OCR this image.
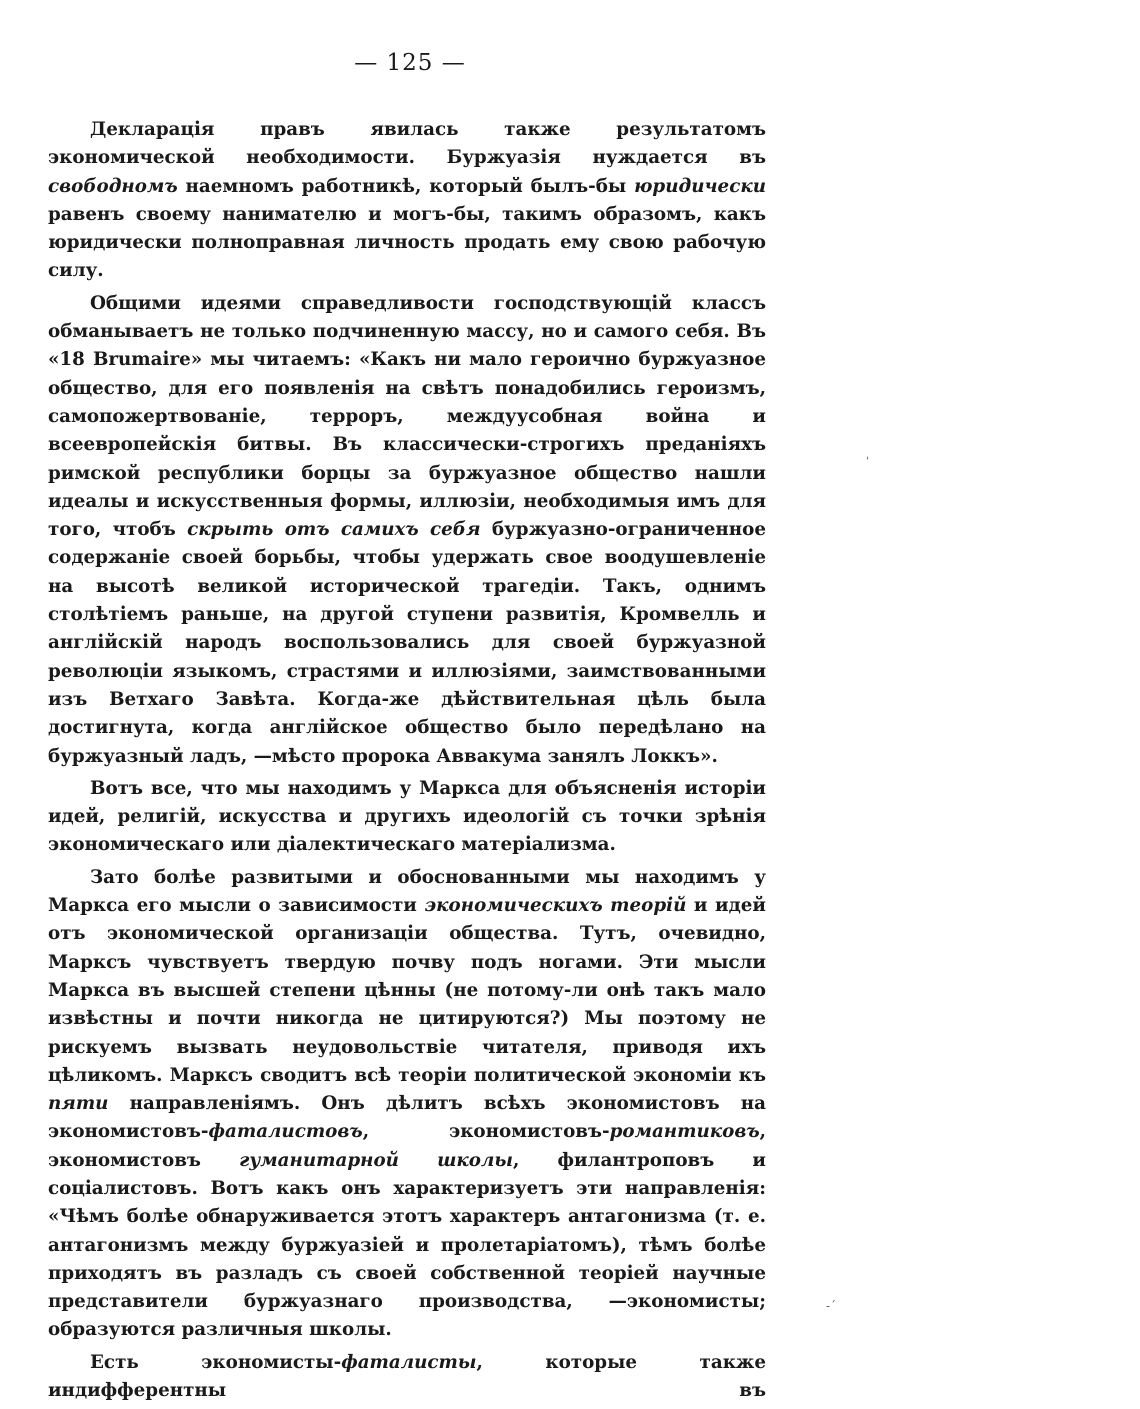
— 125 —

Декларація правъ явилась также результатомъ экономической необходимости. Буржуазія нуждается въ свободномъ наемномъ работникѣ, который былъ-бы юридически равенъ своему нанимателю и могъ-бы, такимъ образомъ, какъ юридически полноправная личность продать ему свою рабочую силу.

Общими идеями справедливости господствующій классъ обманываетъ не только подчиненную массу, но и самого себя. Въ «18 Brumaire» мы читаемъ: «Какъ ни мало героично буржуазное общество, для его появленія на свѣтъ понадобились героизмъ, самопожертвованіе, терроръ, междуусобная война и всеевропейскія битвы. Въ классически-строгихъ преданіяхъ римской республики борцы за буржуазное общество нашли идеалы и искусственныя формы, иллюзіи, необходимыя имъ для того, чтобъ скрыть отъ самихъ себя буржуазно-ограниченное содержаніе своей борьбы, чтобы удержать свое воодушевленіе на высотѣ великой исторической трагедіи. Такъ, однимъ столѣтіемъ раньше, на другой ступени развитія, Кромвелль и англійскій народъ воспользовались для своей буржуазной революціи языкомъ, страстями и иллюзіями, заимствованными изъ Ветхаго Завѣта. Когда-же дѣйствительная цѣль была достигнута, когда англійское общество было передѣлано на буржуазный ладъ, —мѣсто пророка Аввакума занялъ Локкъ».

Вотъ все, что мы находимъ у Маркса для объясненія исторіи идей, религій, искусства и другихъ идеологій съ точки зрѣнія экономическаго или діалектическаго матеріализма.

Зато болѣе развитыми и обоснованными мы находимъ у Маркса его мысли о зависимости экономическихъ теорій и идей отъ экономической организаціи общества. Тутъ, очевидно, Марксъ чувствуетъ твердую почву подъ ногами. Эти мысли Маркса въ высшей степени цѣнны (не потому-ли онѣ такъ мало извѣстны и почти никогда не цитируются?) Мы поэтому не рискуемъ вызвать неудовольствіе читателя, приводя ихъ цѣликомъ. Марксъ сводитъ всѣ теоріи политической экономіи къ пяти направленіямъ. Онъ дѣлитъ всѣхъ экономистовъ на экономистовъ-фаталистовъ, экономистовъ-романтиковъ, экономистовъ гуманитарной школы, филантроповъ и соціалистовъ. Вотъ какъ онъ характеризуетъ эти направленія: «Чѣмъ болѣе обнаруживается этотъ характеръ антагонизма (т. е. антагонизмъ между буржуазіей и пролетаріатомъ), тѣмъ болѣе приходятъ въ разладъ съ своей собственной теоріей научные представители буржуазнаго производства, —экономисты; образуются различныя школы.

Есть экономисты-фаталисты, которые также индифферентны въ

ˌ
-ˊ
